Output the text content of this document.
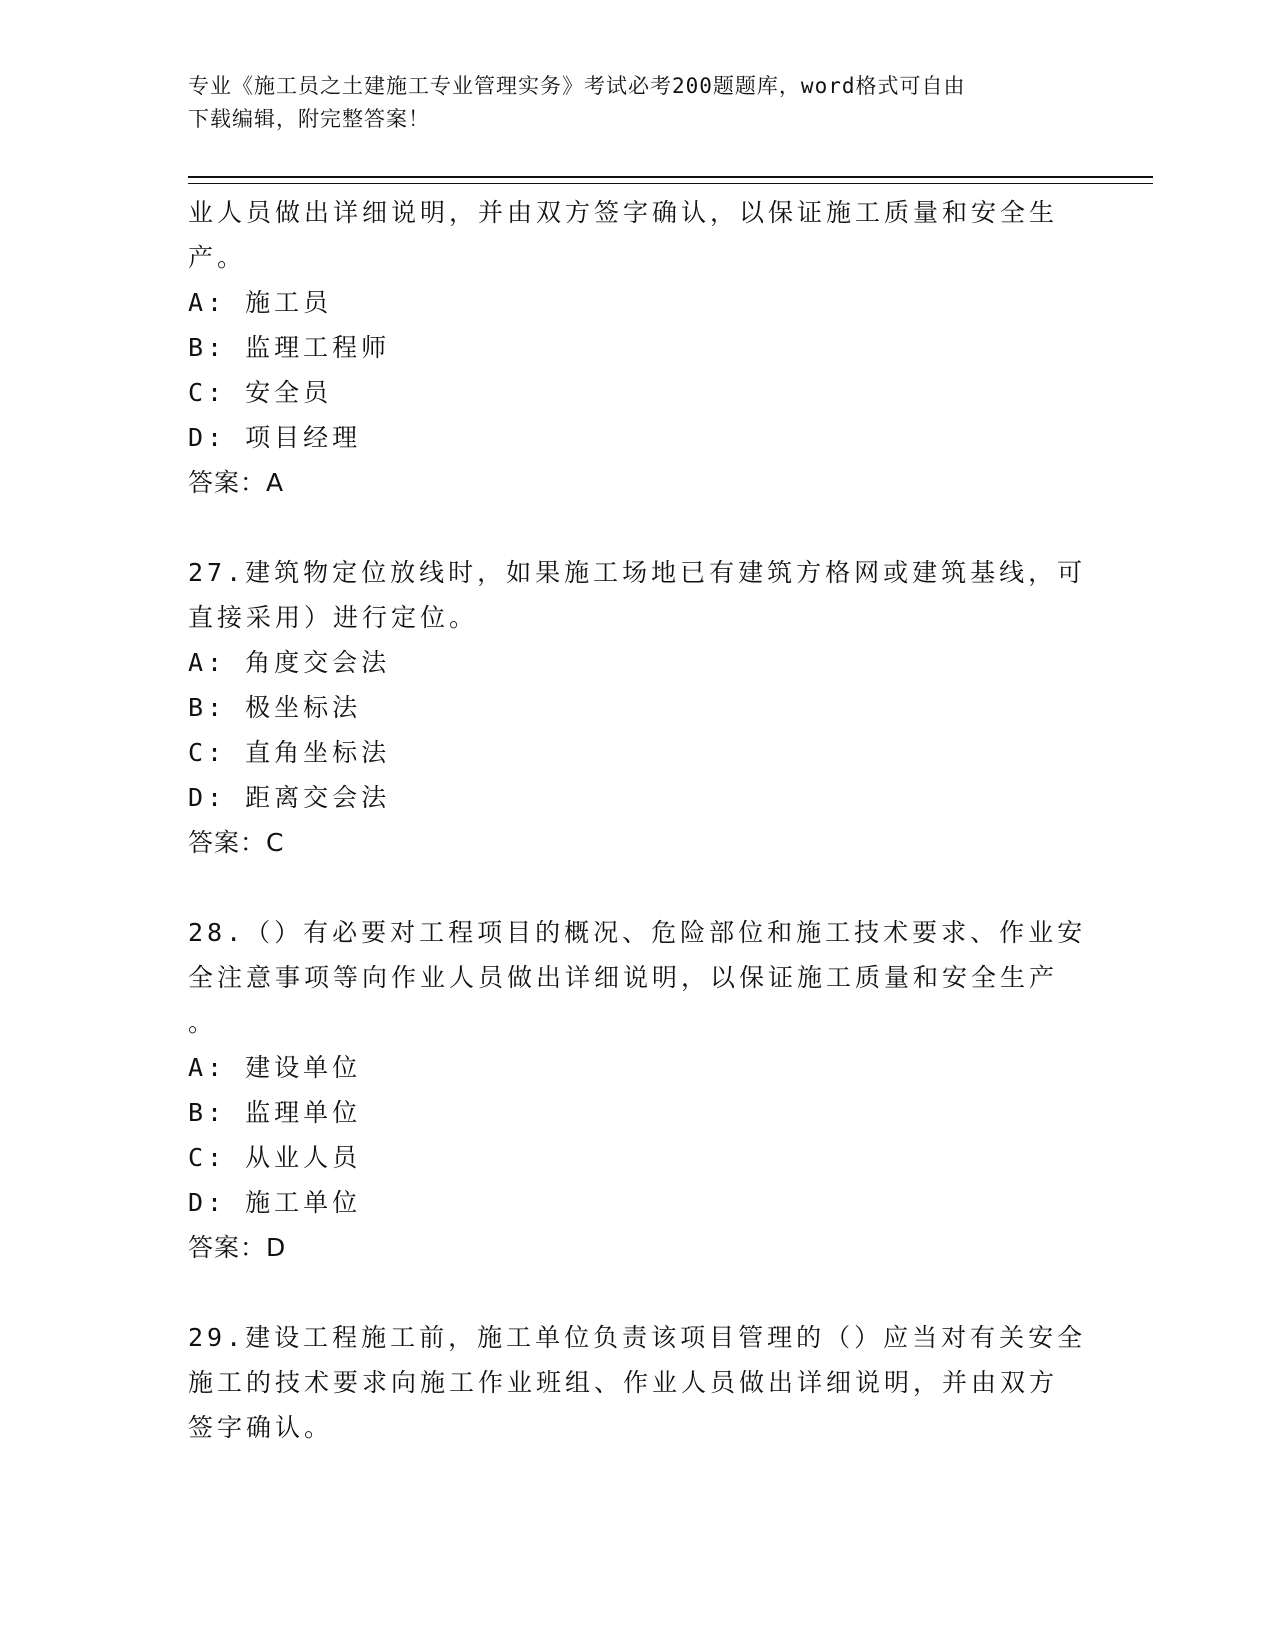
专业《施工员之土建施工专业管理实务》考试必考200题题库，word格式可自由
下载编辑，附完整答案！

业人员做出详细说明，并由双方签字确认，以保证施工质量和安全生

产。

A: 施工员

B: 监理工程师

C: 安全员

D: 项目经理

答案：A

27.建筑物定位放线时，如果施工场地已有建筑方格网或建筑基线，可

直接采用）进行定位。

A: 角度交会法

B: 极坐标法

C: 直角坐标法

D: 距离交会法

答案：C

28.（）有必要对工程项目的概况、危险部位和施工技术要求、作业安

全注意事项等向作业人员做出详细说明，以保证施工质量和安全生产

。

A: 建设单位

B: 监理单位

C: 从业人员

D: 施工单位

答案：D

29.建设工程施工前，施工单位负责该项目管理的（）应当对有关安全

施工的技术要求向施工作业班组、作业人员做出详细说明，并由双方

签字确认。
